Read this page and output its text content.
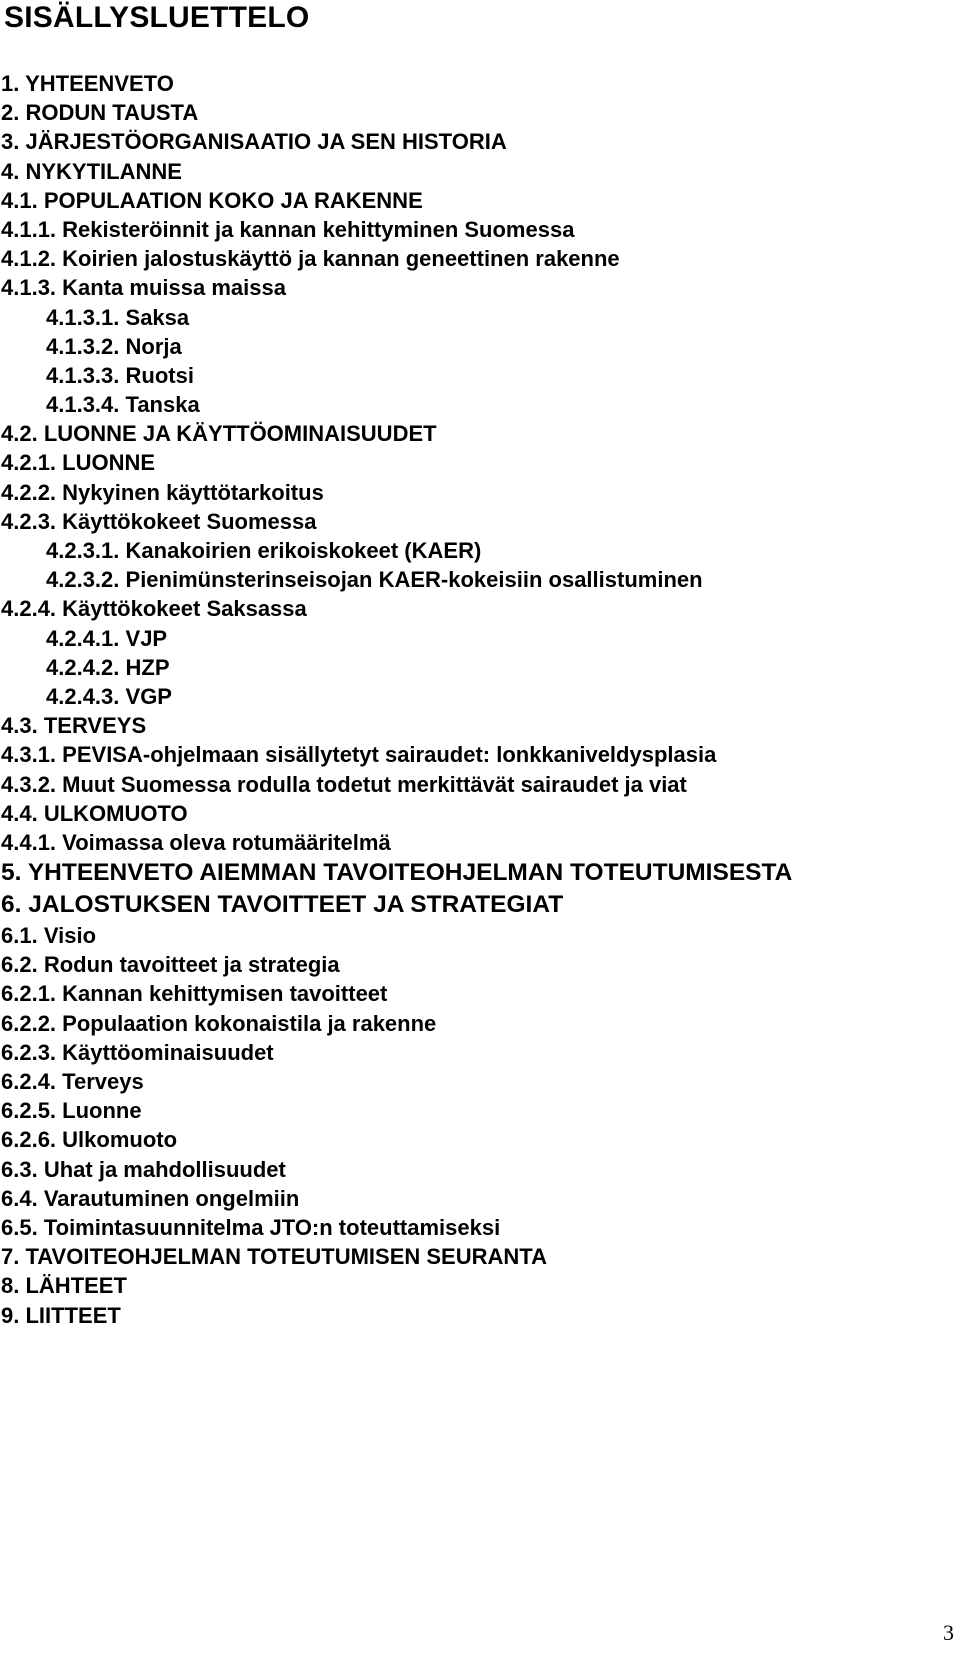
SISÄLLYSLUETTELO
1. YHTEENVETO
2. RODUN TAUSTA
3. JÄRJESTÖORGANISAATIO JA SEN HISTORIA
4. NYKYTILANNE
4.1. POPULAATION KOKO JA RAKENNE
4.1.1. Rekisteröinnit ja kannan kehittyminen Suomessa
4.1.2. Koirien jalostuskäyttö ja kannan geneettinen rakenne
4.1.3. Kanta muissa maissa
4.1.3.1. Saksa
4.1.3.2. Norja
4.1.3.3. Ruotsi
4.1.3.4. Tanska
4.2. LUONNE JA KÄYTTÖOMINAISUUDET
4.2.1. LUONNE
4.2.2. Nykyinen käyttötarkoitus
4.2.3. Käyttökokeet Suomessa
4.2.3.1. Kanakoirien erikoiskokeet (KAER)
4.2.3.2. Pienimünsterinseisojan KAER-kokeisiin osallistuminen
4.2.4. Käyttökokeet Saksassa
4.2.4.1. VJP
4.2.4.2. HZP
4.2.4.3. VGP
4.3. TERVEYS
4.3.1. PEVISA-ohjelmaan sisällytetyt sairaudet: lonkkaniveldysplasia
4.3.2. Muut Suomessa rodulla todetut merkittävät sairaudet ja viat
4.4. ULKOMUOTO
4.4.1. Voimassa oleva rotumääritelmä
5. YHTEENVETO AIEMMAN TAVOITEOHJELMAN TOTEUTUMISESTA
6. JALOSTUKSEN TAVOITTEET JA STRATEGIAT
6.1. Visio
6.2. Rodun tavoitteet ja strategia
6.2.1. Kannan kehittymisen tavoitteet
6.2.2. Populaation kokonaistila ja rakenne
6.2.3. Käyttöominaisuudet
6.2.4. Terveys
6.2.5. Luonne
6.2.6. Ulkomuoto
6.3. Uhat ja mahdollisuudet
6.4. Varautuminen ongelmiin
6.5. Toimintasuunnitelma JTO:n toteuttamiseksi
7. TAVOITEOHJELMAN TOTEUTUMISEN SEURANTA
8. LÄHTEET
9. LIITTEET
3
